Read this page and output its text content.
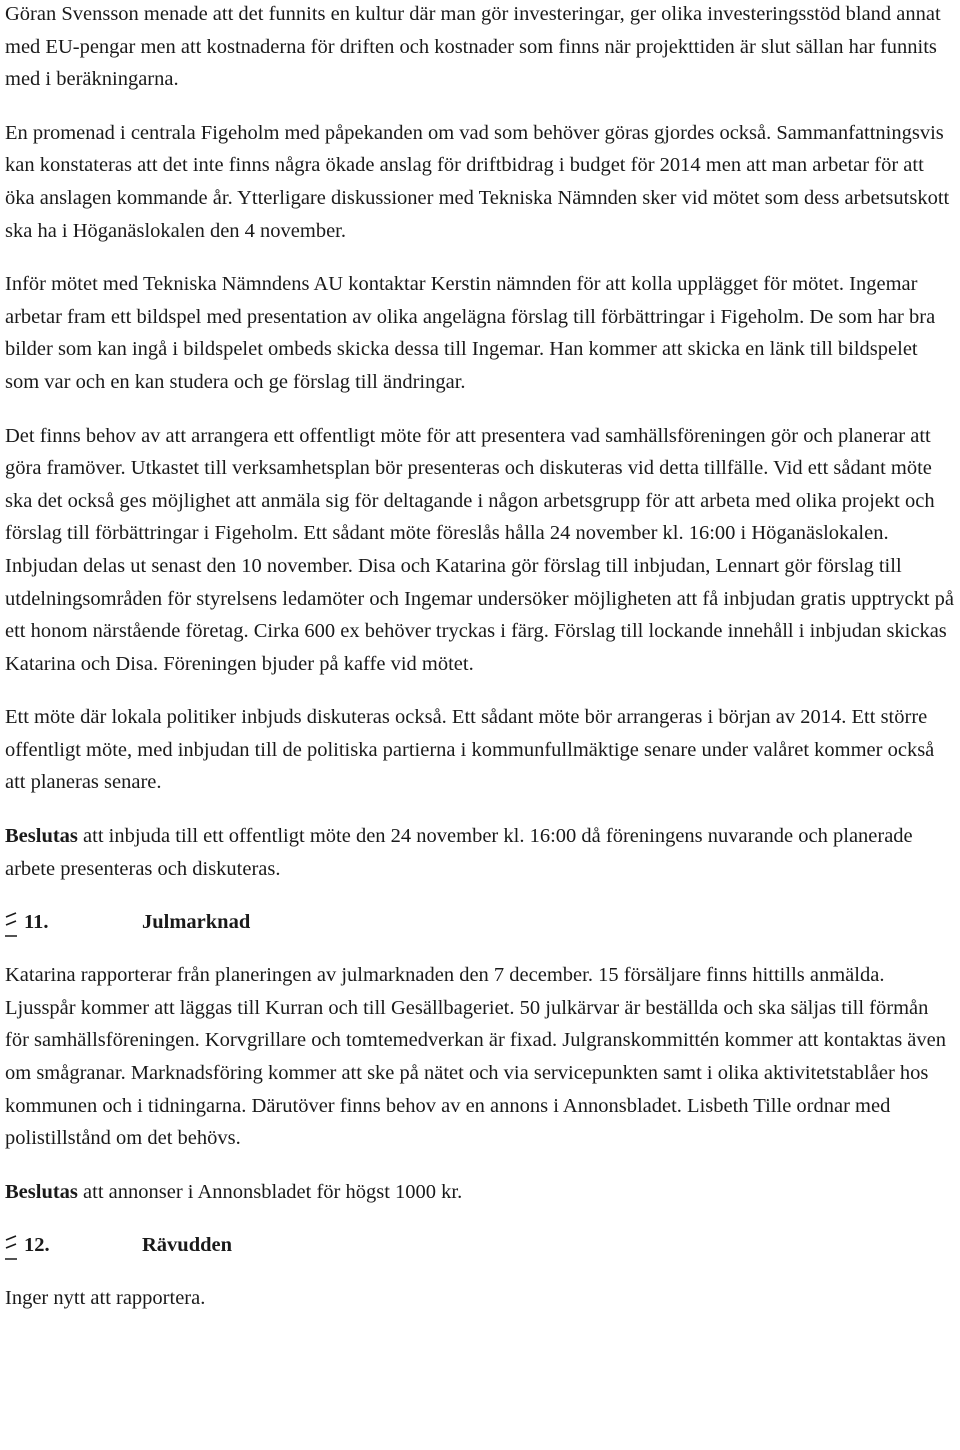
Göran Svensson menade att det funnits en kultur där man gör investeringar, ger olika investeringsstöd bland annat med EU-pengar men att kostnaderna för driften och kostnader som finns när projekttiden är slut sällan har funnits med i beräkningarna.

En promenad i centrala Figeholm med påpekanden om vad som behöver göras gjordes också. Sammanfattningsvis kan konstateras att det inte finns några ökade anslag för driftbidrag i budget för 2014 men att man arbetar för att öka anslagen kommande år. Ytterligare diskussioner med Tekniska Nämnden sker vid mötet som dess arbetsutskott ska ha i Höganäslokalen den 4 november.

Inför mötet med Tekniska Nämndens AU kontaktar Kerstin nämnden för att kolla upplägget för mötet. Ingemar arbetar fram ett bildspel med presentation av olika angelägna förslag till förbättringar i Figeholm. De som har bra bilder som kan ingå i bildspelet ombeds skicka dessa till Ingemar. Han kommer att skicka en länk till bildspelet som var och en kan studera och ge förslag till ändringar.

Det finns behov av att arrangera ett offentligt möte för att presentera vad samhällsföreningen gör och planerar att göra framöver. Utkastet till verksamhetsplan bör presenteras och diskuteras vid detta tillfälle. Vid ett sådant möte ska det också ges möjlighet att anmäla sig för deltagande i någon arbetsgrupp för att arbeta med olika projekt och förslag till förbättringar i Figeholm. Ett sådant möte föreslås hålla 24 november kl. 16:00 i Höganäslokalen. Inbjudan delas ut senast den 10 november. Disa och Katarina gör förslag till inbjudan, Lennart gör förslag till utdelningsområden för styrelsens ledamöter och Ingemar undersöker möjligheten att få inbjudan gratis upptryckt på ett honom närstående företag. Cirka 600 ex behöver tryckas i färg. Förslag till lockande innehåll i inbjudan skickas Katarina och Disa. Föreningen bjuder på kaffe vid mötet.

Ett möte där lokala politiker inbjuds diskuteras också. Ett sådant möte bör arrangeras i början av 2014. Ett större offentligt möte, med inbjudan till de politiska partierna i kommunfullmäktige senare under valåret kommer också att planeras senare.

Beslutas att inbjuda till ett offentligt möte den 24 november kl. 16:00 då föreningens nuvarande och planerade arbete presenteras och diskuteras.

11.	Julmarknad

Katarina rapporterar från planeringen av julmarknaden den 7 december. 15 försäljare finns hittills anmälda. Ljusspår kommer att läggas till Kurran och till Gesällbageriet. 50 julkärvar är beställda och ska säljas till förmån för samhällsföreningen. Korvgrillare och tomtemedverkan är fixad. Julgranskommittén kommer att kontaktas även om smågranar. Marknadsföring kommer att ske på nätet och via servicepunkten samt i olika aktivitetstablåer hos kommunen och i tidningarna. Därutöver finns behov av en annons i Annonsbladet. Lisbeth Tille ordnar med polistillstånd om det behövs.

Beslutas att annonser i Annonsbladet för högst 1000 kr.

12.	Rävudden

Inger nytt att rapportera.
